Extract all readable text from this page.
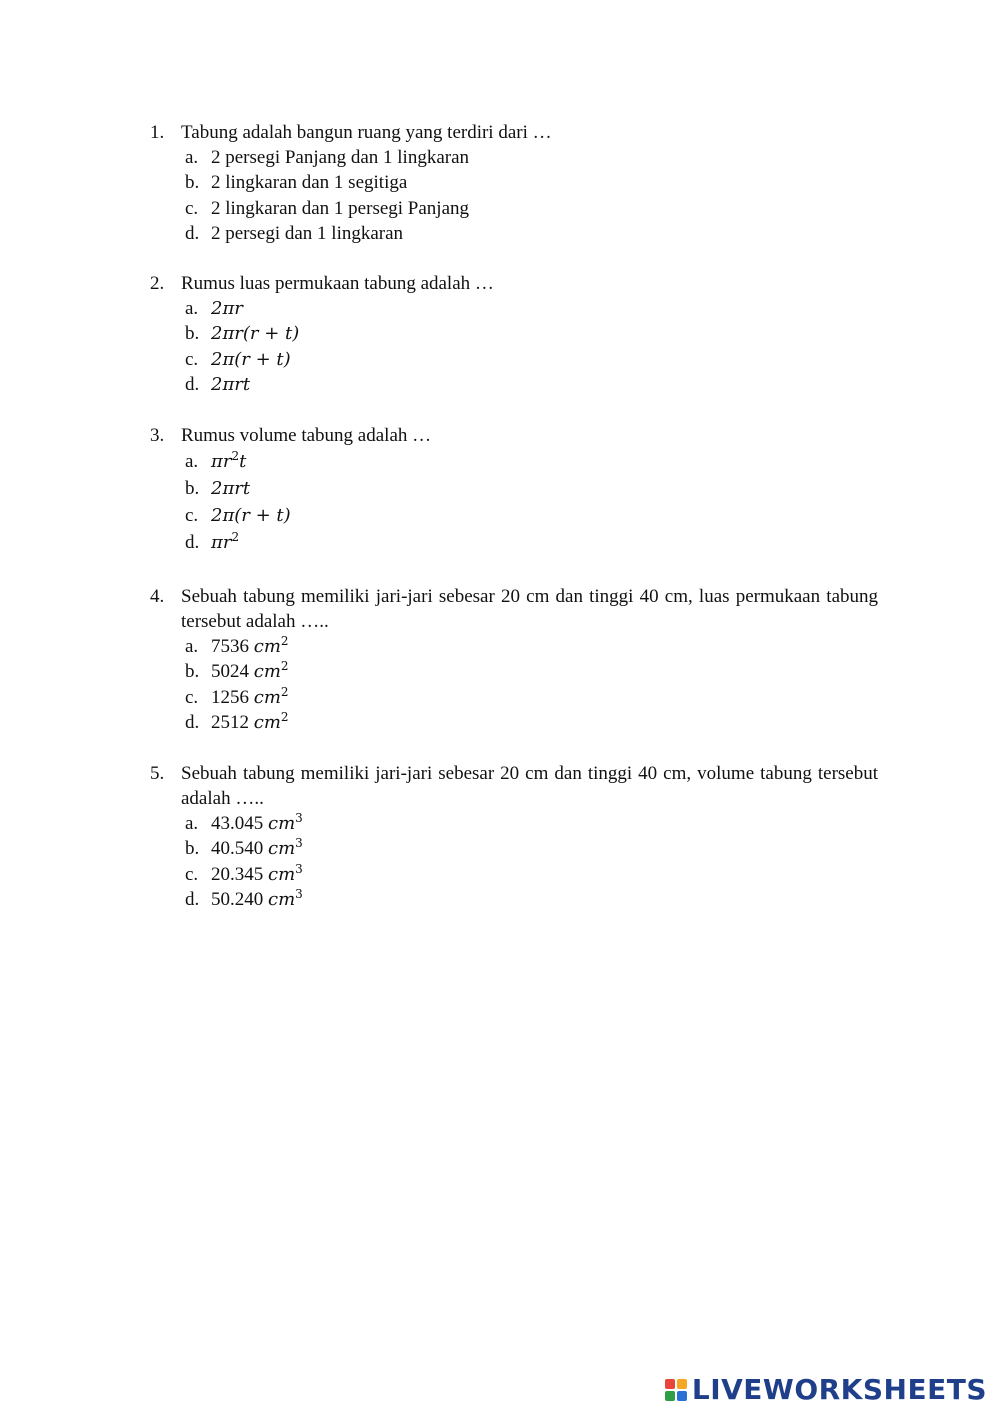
1. Tabung adalah bangun ruang yang terdiri dari …
a. 2 persegi Panjang dan 1 lingkaran
b. 2 lingkaran dan 1 segitiga
c. 2 lingkaran dan 1 persegi Panjang
d. 2 persegi dan 1 lingkaran
2. Rumus luas permukaan tabung adalah …
a. 2πr
b. 2πr(r + t)
c. 2π(r + t)
d. 2πrt
3. Rumus volume tabung adalah …
a. $\pi r^2t$
b. 2πrt
c. 2π(r + t)
d. $\pi r^2$
4. Sebuah tabung memiliki jari-jari sebesar 20 cm dan tinggi 40 cm, luas permukaan tabung tersebut adalah …..
a. 7536 $cm^2$
b. 5024 $cm^2$
c. 1256 $cm^2$
d. 2512 $cm^2$
5. Sebuah tabung memiliki jari-jari sebesar 20 cm dan tinggi 40 cm, volume tabung tersebut adalah …..
a. 43.045 $cm^3$
b. 40.540 $cm^3$
c. 20.345 $cm^3$
d. 50.240 $cm^3$
LIVEWORKSHEETS
